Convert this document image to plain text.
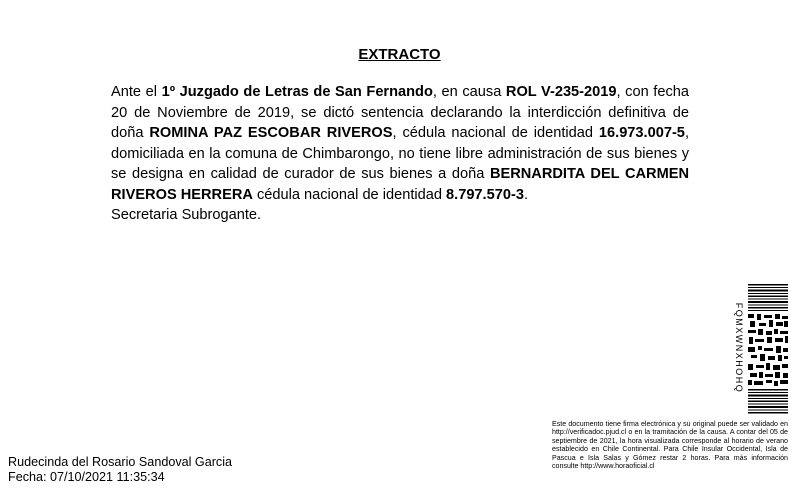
EXTRACTO

Ante el 1º Juzgado de Letras de San Fernando, en causa ROL V-235-2019, con fecha 20 de Noviembre de 2019, se dictó sentencia declarando la interdicción definitiva de doña ROMINA PAZ ESCOBAR RIVEROS, cédula nacional de identidad 16.973.007-5, domiciliada en la comuna de Chimbarongo, no tiene libre administración de sus bienes y se designa en calidad de curador de sus bienes a doña BERNARDITA DEL CARMEN RIVEROS HERRERA cédula nacional de identidad 8.797.570-3.

Secretaria Subrogante.

Rudecinda del Rosario Sandoval Garcia
Fecha: 07/10/2021 11:35:34
Este documento tiene firma electrónica y su original puede ser validado en http://verificadoc.pjud.cl o en la tramitación de la causa. A contar del 05 de septiembre de 2021, la hora visualizada corresponde al horario de verano establecido en Chile Continental. Para Chile Insular Occidental, Isla de Pascua e Isla Salas y Gómez restar 2 horas. Para más información consulte http://www.horaoficial.cl
FQMXWNXHOHQ
